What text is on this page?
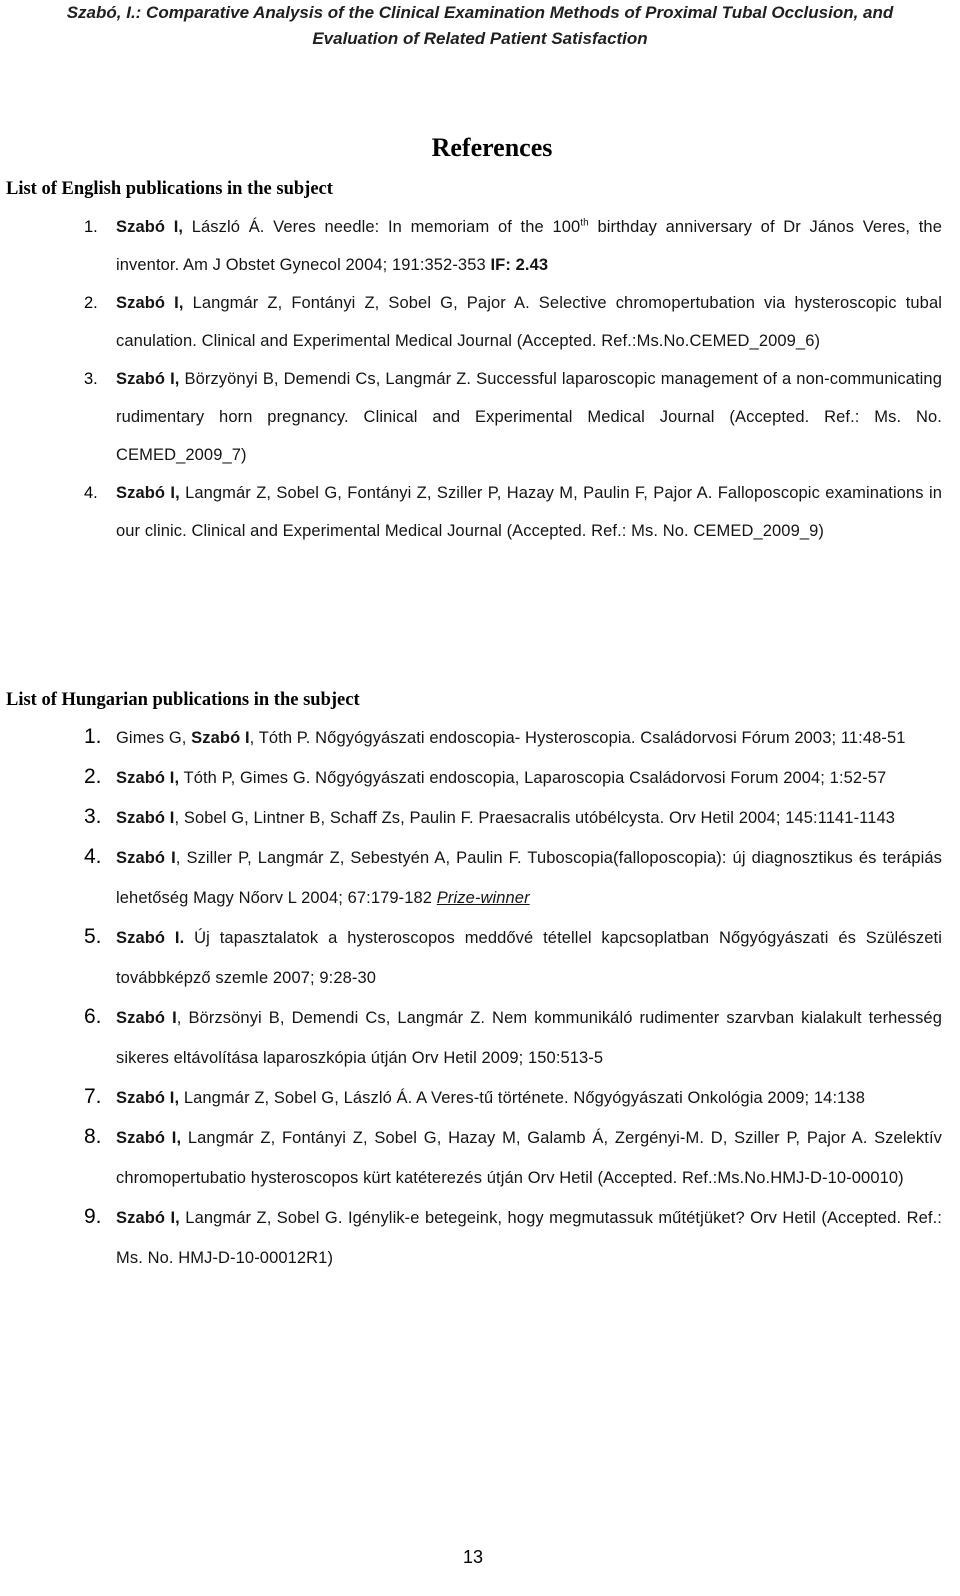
Szabó, I.: Comparative Analysis of the Clinical Examination Methods of Proximal Tubal Occlusion, and
Evaluation of Related Patient Satisfaction
References
List of English publications in the subject
1. Szabó I, László Á. Veres needle: In memoriam of the 100th birthday anniversary of Dr János Veres, the inventor. Am J Obstet Gynecol 2004; 191:352-353 IF: 2.43
2. Szabó I, Langmár Z, Fontányi Z, Sobel G, Pajor A. Selective chromopertubation via hysteroscopic tubal canulation. Clinical and Experimental Medical Journal (Accepted. Ref.:Ms.No.CEMED_2009_6)
3. Szabó I, Börzyönyi B, Demendi Cs, Langmár Z. Successful laparoscopic management of a non-communicating rudimentary horn pregnancy. Clinical and Experimental Medical Journal (Accepted. Ref.: Ms. No. CEMED_2009_7)
4. Szabó I, Langmár Z, Sobel G, Fontányi Z, Sziller P, Hazay M, Paulin F, Pajor A. Falloposcopic examinations in our clinic. Clinical and Experimental Medical Journal (Accepted. Ref.: Ms. No. CEMED_2009_9)
List of Hungarian publications in the subject
1. Gimes G, Szabó I, Tóth P. Nőgyógyászati endoscopia- Hysteroscopia. Családorvosi Fórum 2003; 11:48-51
2. Szabó I, Tóth P, Gimes G. Nőgyógyászati endoscopia, Laparoscopia Családorvosi Forum 2004; 1:52-57
3. Szabó I, Sobel G, Lintner B, Schaff Zs, Paulin F. Praesacralis utóbélcysta. Orv Hetil 2004; 145:1141-1143
4. Szabó I, Sziller P, Langmár Z, Sebestyén A, Paulin F. Tuboscopia(falloposcopia): új diagnosztikus és terápiás lehetőség Magy Nőorv L 2004; 67:179-182 Prize-winner
5. Szabó I. Új tapasztalatok a hysteroscopos meddővé tétellel kapcsoplatban Nőgyógyászati és Szülészeti továbbképző szemle 2007; 9:28-30
6. Szabó I, Börzsönyi B, Demendi Cs, Langmár Z. Nem kommunikáló rudimenter szarvban kialakult terhesség sikeres eltávolítása laparoszkópia útján Orv Hetil 2009; 150:513-5
7. Szabó I, Langmár Z, Sobel G, László Á. A Veres-tű története. Nőgyógyászati Onkológia 2009; 14:138
8. Szabó I, Langmár Z, Fontányi Z, Sobel G, Hazay M, Galamb Á, Zergényi-M. D, Sziller P, Pajor A. Szelektív chromopertubatio hysteroscopos kürt katéterezés útján Orv Hetil (Accepted. Ref.:Ms.No.HMJ-D-10-00010)
9. Szabó I, Langmár Z, Sobel G. Igénylik-e betegeink, hogy megmutassuk műtétjüket? Orv Hetil (Accepted. Ref.: Ms. No. HMJ-D-10-00012R1)
13
